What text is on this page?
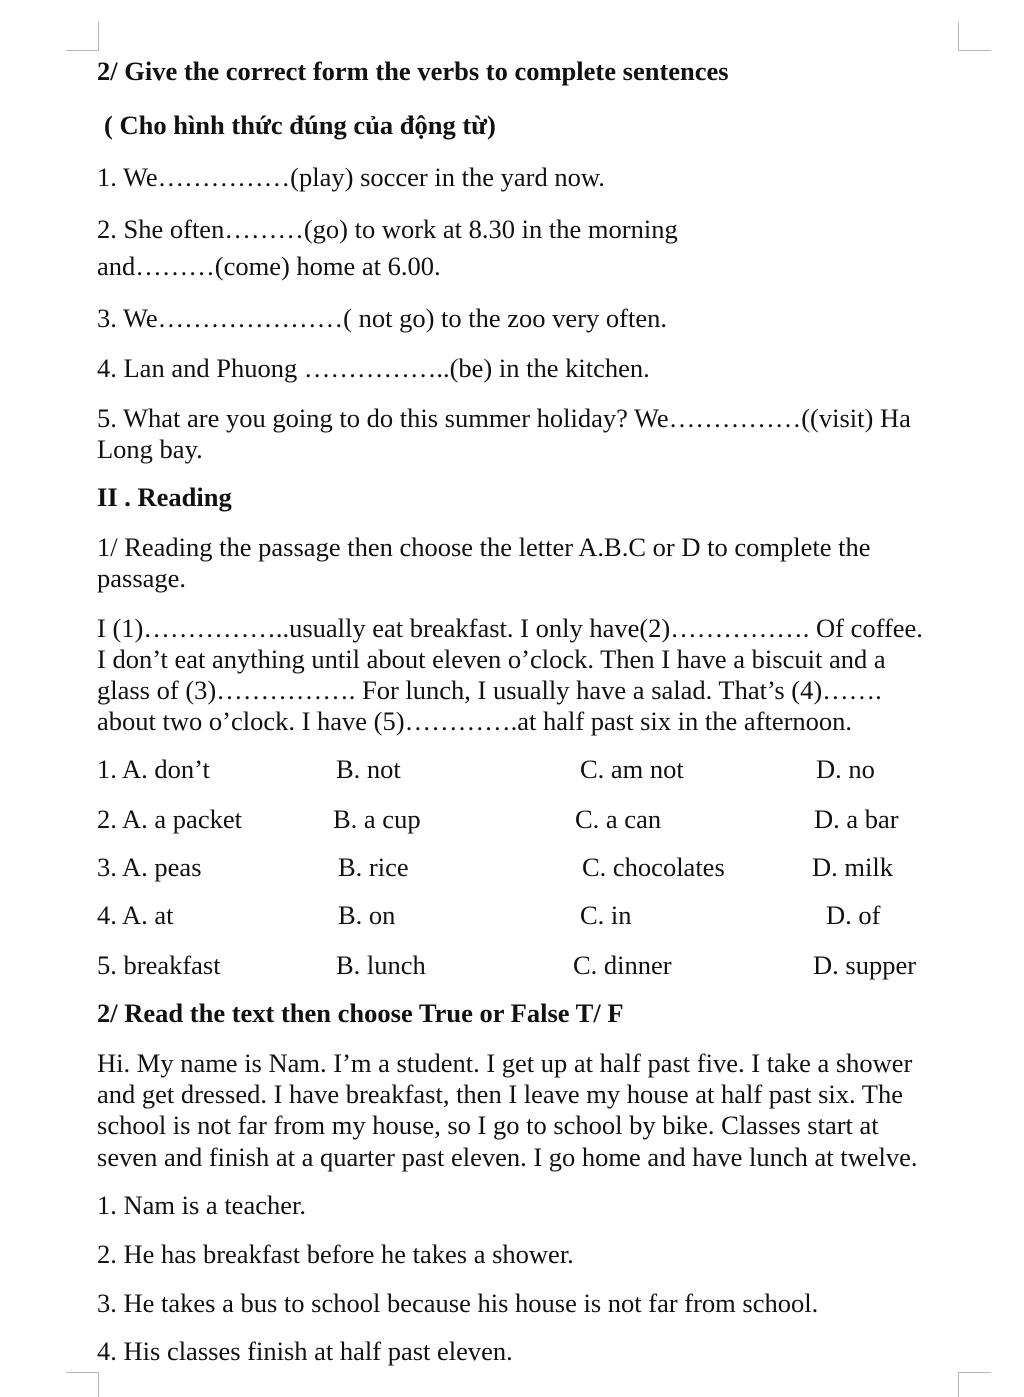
2/ Give the correct form the verbs to complete sentences
( Cho hình thức đúng của động từ)
1. We……………(play) soccer in the yard now.
2. She often………(go) to work at 8.30 in the morning
and………(come) home at 6.00.
3. We…………………( not go) to the zoo very often.
4. Lan and Phuong ……………..(be) in the kitchen.
5. What are you going to do this summer holiday? We……………((visit) Ha
Long bay.
II . Reading
1/ Reading the passage then choose the letter A.B.C or D to complete the
passage.
I (1)……………..usually eat breakfast. I only have(2)……………. Of coffee.
I don’t eat anything until about eleven o’clock. Then I have a biscuit and a
glass of (3)……………. For lunch, I usually have a salad. That’s (4)…….
about two o’clock. I have (5)………….at half past six in the afternoon.
1. A. don’t	B. not	C. am not	D. no
2. A. a packet	B. a cup	C. a can	D. a bar
3. A. peas	B. rice	C. chocolates	D. milk
4. A. at	B. on	C. in	D. of
5. breakfast	B. lunch	C. dinner	D. supper
2/ Read the text then choose True or False T/ F
Hi. My name is Nam. I’m a student. I get up at half past five. I take a shower
and get dressed. I have breakfast, then I leave my house at half past six. The
school is not far from my house, so I go to school by bike. Classes start at
seven and finish at a quarter past eleven. I go home and have lunch at twelve.
1. Nam is a teacher.
2. He has breakfast before he takes a shower.
3. He takes a bus to school because his house is not far from school.
4. His classes finish at half past eleven.
